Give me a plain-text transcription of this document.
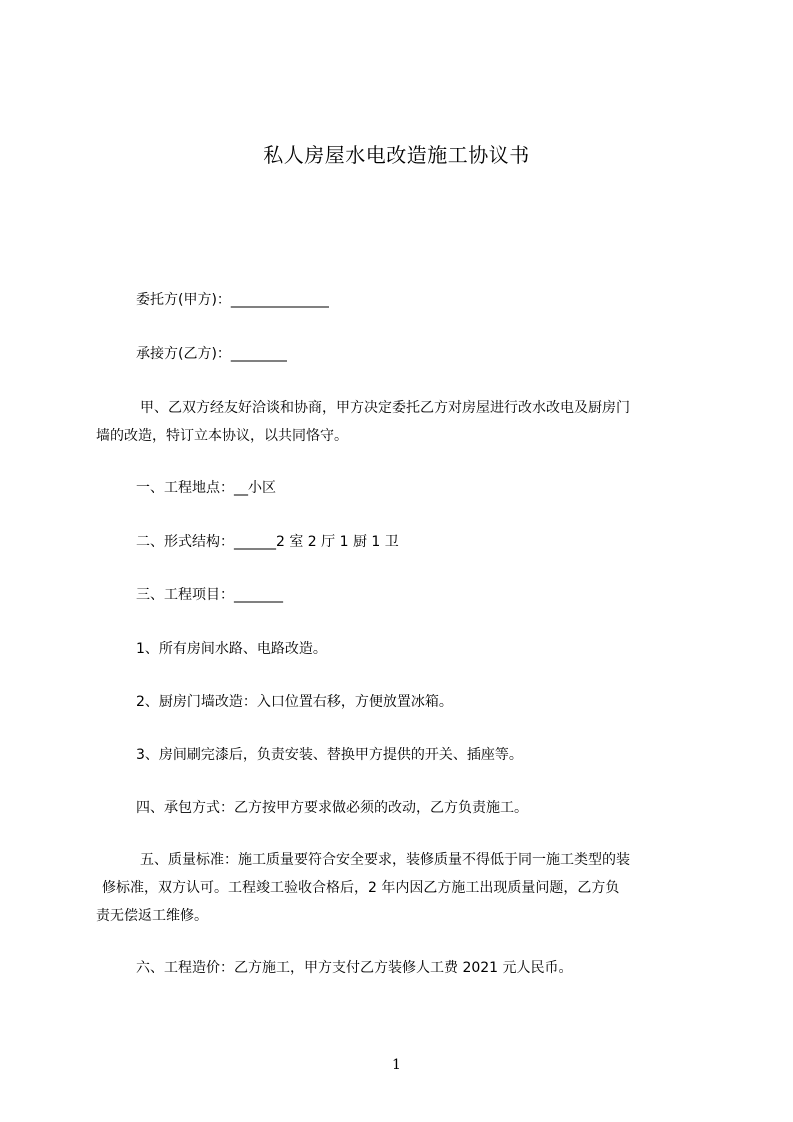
私人房屋水电改造施工协议书
委托方(甲方)：______________
承接方(乙方)：________
甲、乙双方经友好洽谈和协商，甲方决定委托乙方对房屋进行改水改电及厨房门
墙的改造，特订立本协议，以共同恪守。
一、工程地点：__小区
二、形式结构：______2 室 2 厅 1 厨 1 卫
三、工程项目：_______
1、所有房间水路、电路改造。
2、厨房门墙改造：入口位置右移，方便放置冰箱。
3、房间刷完漆后，负责安装、替换甲方提供的开关、插座等。
四、承包方式：乙方按甲方要求做必须的改动，乙方负责施工。
五、质量标准：施工质量要符合安全要求，装修质量不得低于同一施工类型的装
修标准，双方认可。工程竣工验收合格后，2 年内因乙方施工出现质量问题，乙方负
责无偿返工维修。
六、工程造价：乙方施工，甲方支付乙方装修人工费 2021 元人民币。
1
